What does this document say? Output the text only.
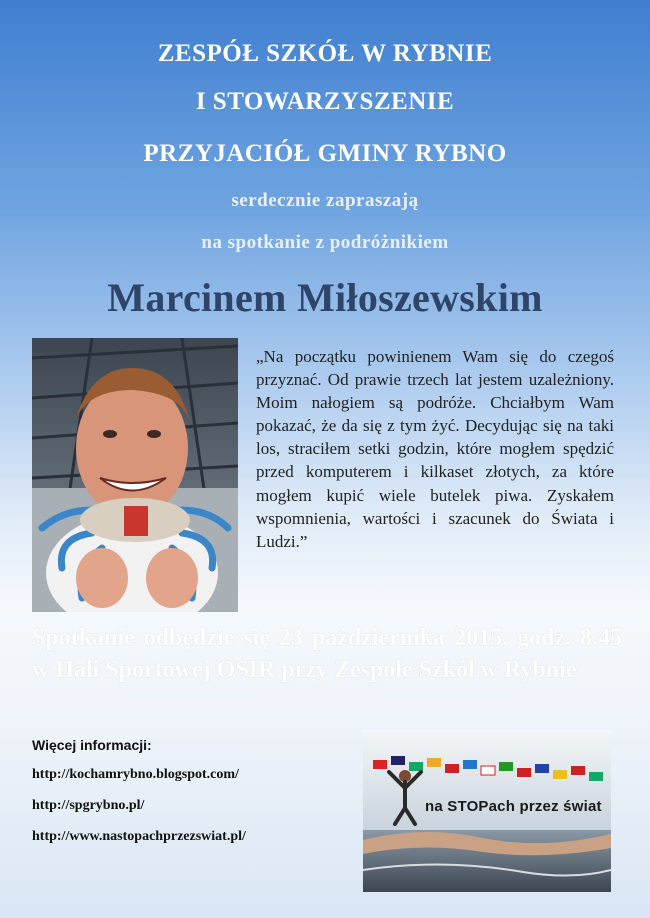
ZESPÓŁ SZKÓŁ W RYBNIE
I STOWARZYSZENIE
PRZYJACIÓŁ GMINY RYBNO
serdecznie zapraszają
na spotkanie z podróżnikiem
Marcinem Miłoszewskim
„Na początku powinienem Wam się do czegoś przyznać. Od prawie trzech lat jestem uzależniony. Moim nałogiem są podróże. Chciałbym Wam pokazać, że da się z tym żyć. Decydując się na taki los, straciłem setki godzin, które mogłem spędzić przed komputerem i kilkaset złotych, za które mogłem kupić wiele butelek piwa. Zyskałem wspomnienia, wartości i szacunek do Świata i Ludzi.”
Spotkanie odbędzie się 23 października 2015, godz. 8.45 w Hali Sportowej OSIR przy Zespole Szkół w Rybnie
Więcej informacji:
http://kochamrybno.blogspot.com/
http://spgrybno.pl/
http://www.nastopachprzezswiat.pl/
na STOPach przez świat
